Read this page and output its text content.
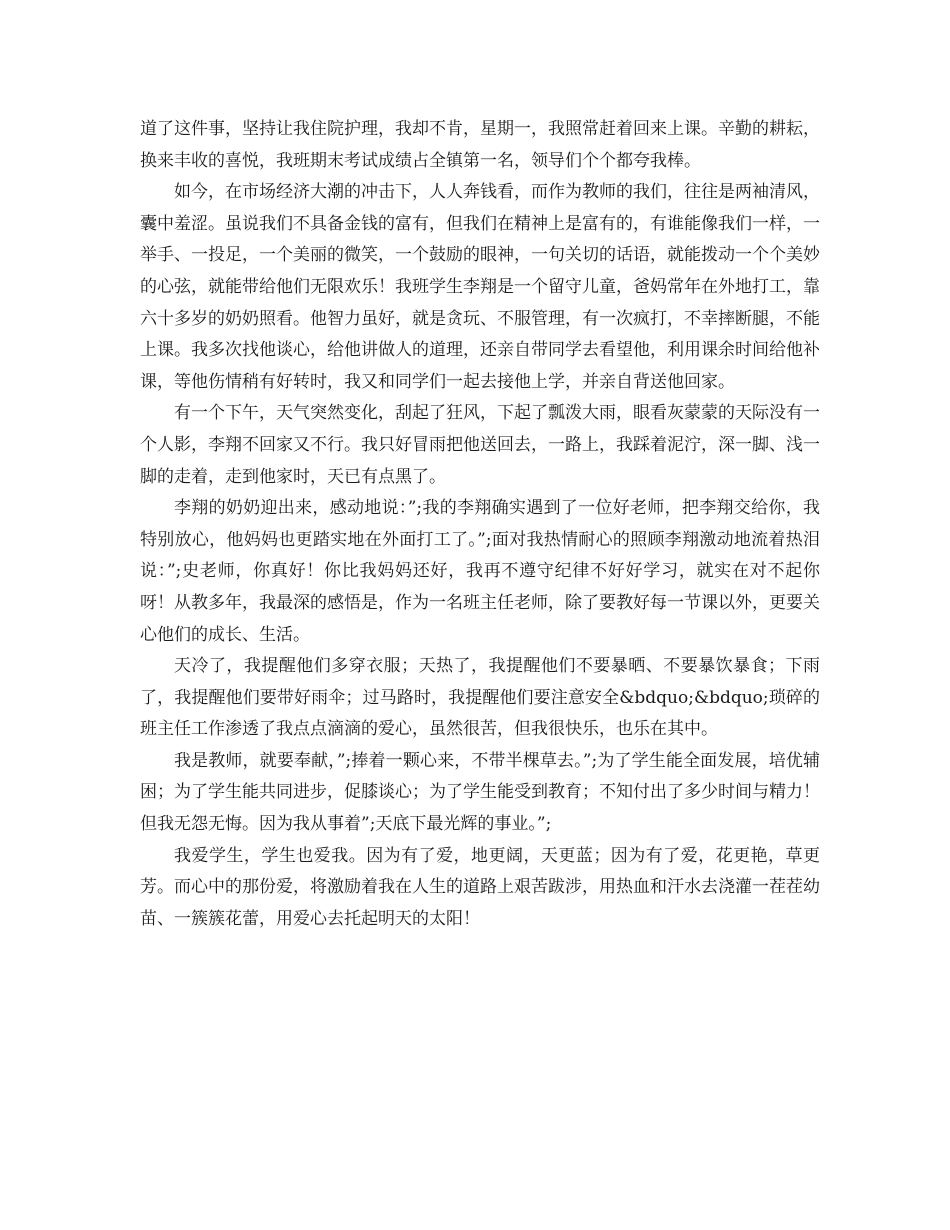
道了这件事，坚持让我住院护理，我却不肯，星期一，我照常赶着回来上课。辛勤的耕耘，换来丰收的喜悦，我班期末考试成绩占全镇第一名，领导们个个都夸我棒。

如今，在市场经济大潮的冲击下，人人奔钱看，而作为教师的我们，往往是两袖清风，囊中羞涩。虽说我们不具备金钱的富有，但我们在精神上是富有的，有谁能像我们一样，一举手、一投足，一个美丽的微笑，一个鼓励的眼神，一句关切的话语，就能拨动一个个美妙的心弦，就能带给他们无限欢乐！我班学生李翔是一个留守儿童，爸妈常年在外地打工，靠六十多岁的奶奶照看。他智力虽好，就是贪玩、不服管理，有一次疯打，不幸摔断腿，不能上课。我多次找他谈心，给他讲做人的道理，还亲自带同学去看望他，利用课余时间给他补课，等他伤情稍有好转时，我又和同学们一起去接他上学，并亲自背送他回家。

有一个下午，天气突然变化，刮起了狂风，下起了瓢泼大雨，眼看灰蒙蒙的天际没有一个人影，李翔不回家又不行。我只好冒雨把他送回去，一路上，我踩着泥泞，深一脚、浅一脚的走着，走到他家时，天已有点黑了。

李翔的奶奶迎出来，感动地说：”;我的李翔确实遇到了一位好老师，把李翔交给你，我特别放心，他妈妈也更踏实地在外面打工了。”;面对我热情耐心的照顾李翔激动地流着热泪说：”;史老师，你真好！你比我妈妈还好，我再不遵守纪律不好好学习，就实在对不起你呀！从教多年，我最深的感悟是，作为一名班主任老师，除了要教好每一节课以外，更要关心他们的成长、生活。

天冷了，我提醒他们多穿衣服；天热了，我提醒他们不要暴晒、不要暴饮暴食；下雨了，我提醒他们要带好雨伞；过马路时，我提醒他们要注意安全&bdquo;&bdquo;琐碎的班主任工作渗透了我点点滴滴的爱心，虽然很苦，但我很快乐，也乐在其中。

我是教师，就要奉献，”;捧着一颗心来，不带半棵草去。”;为了学生能全面发展，培优辅困；为了学生能共同进步，促膝谈心；为了学生能受到教育；不知付出了多少时间与精力！但我无怨无悔。因为我从事着”;天底下最光辉的事业。”;

我爱学生，学生也爱我。因为有了爱，地更阔，天更蓝；因为有了爱，花更艳，草更芳。而心中的那份爱，将激励着我在人生的道路上艰苦跋涉，用热血和汗水去浇灌一茬茬幼苗、一簇簇花蕾，用爱心去托起明天的太阳！
